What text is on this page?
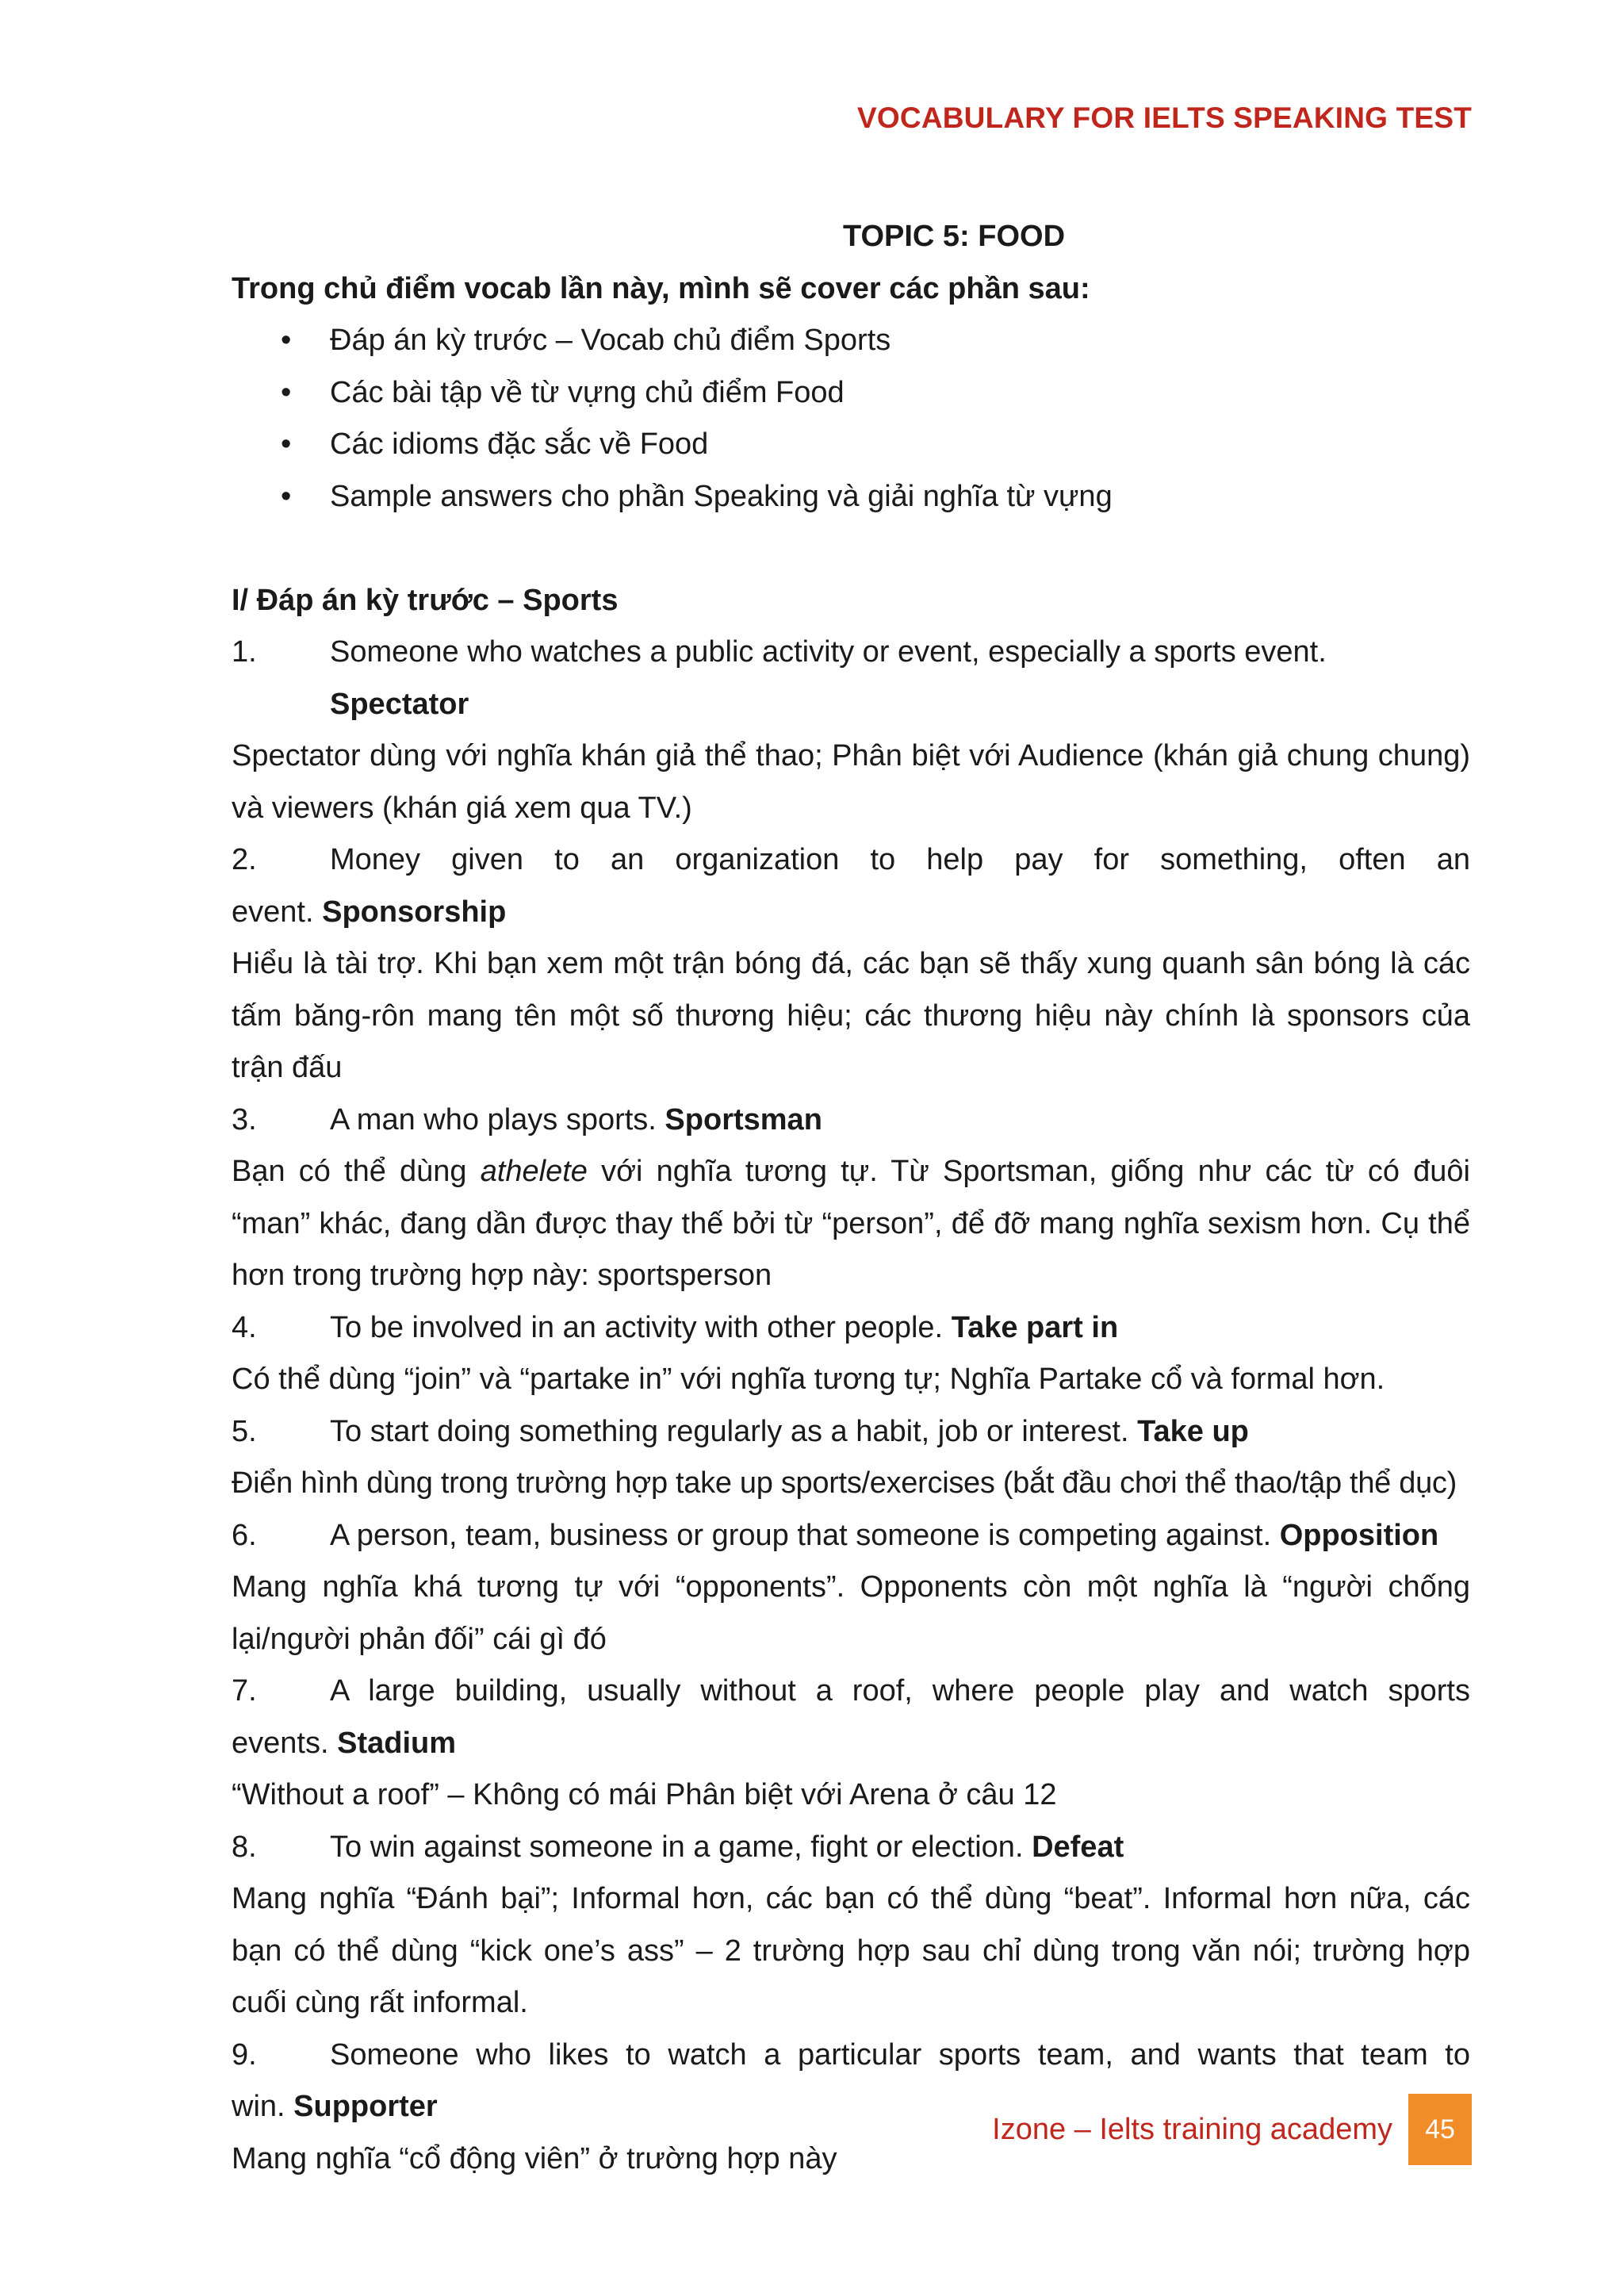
VOCABULARY FOR IELTS SPEAKING TEST
TOPIC 5: FOOD
Trong chủ điểm vocab lần này, mình sẽ cover các phần sau:
• Đáp án kỳ trước – Vocab chủ điểm Sports
• Các bài tập về từ vựng chủ điểm Food
• Các idioms đặc sắc về Food
• Sample answers cho phần Speaking và giải nghĩa từ vựng
I/ Đáp án kỳ trước – Sports
1.	Someone who watches a public activity or event, especially a sports event. Spectator
Spectator dùng với nghĩa khán giả thể thao; Phân biệt với Audience (khán giả chung chung) và viewers (khán giá xem qua TV.)
2.	Money given to an organization to help pay for something, often an
event. Sponsorship
Hiểu là tài trợ. Khi bạn xem một trận bóng đá, các bạn sẽ thấy xung quanh sân bóng là các tấm băng-rôn mang tên một số thương hiệu; các thương hiệu này chính là sponsors của trận đấu
3.	A man who plays sports. Sportsman
Bạn có thể dùng athelete với nghĩa tương tự. Từ Sportsman, giống như các từ có đuôi “man” khác, đang dần được thay thế bởi từ “person”, để đỡ mang nghĩa sexism hơn. Cụ thể hơn trong trường hợp này: sportsperson
4.	To be involved in an activity with other people. Take part in
Có thể dùng “join” và “partake in” với nghĩa tương tự; Nghĩa Partake cổ và formal hơn.
5.	To start doing something regularly as a habit, job or interest. Take up
Điển hình dùng trong trường hợp take up sports/exercises (bắt đầu chơi thể thao/tập thể dục)
6.	A person, team, business or group that someone is competing against. Opposition
Mang nghĩa khá tương tự với “opponents”. Opponents còn một nghĩa là “người chống lại/người phản đối” cái gì đó
7.	A large building, usually without a roof, where people play and watch sports
events. Stadium
“Without a roof” – Không có mái Phân biệt với Arena ở câu 12
8.	To win against someone in a game, fight or election. Defeat
Mang nghĩa “Đánh bại”; Informal hơn, các bạn có thể dùng “beat”. Informal hơn nữa, các bạn có thể dùng “kick one’s ass” – 2 trường hợp sau chỉ dùng trong văn nói; trường hợp cuối cùng rất informal.
9.	Someone who likes to watch a particular sports team, and wants that team to
win. Supporter
Mang nghĩa “cổ động viên” ở trường hợp này
Izone – Ielts training academy	45
